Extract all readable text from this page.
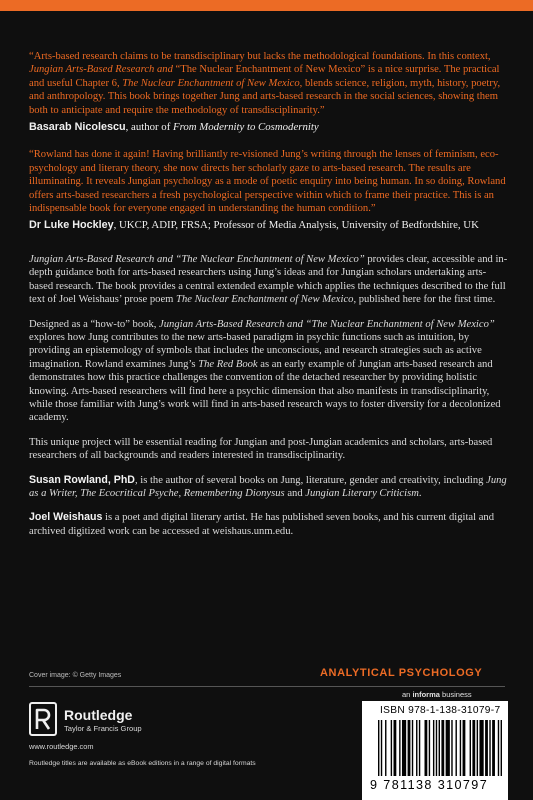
“Arts-based research claims to be transdisciplinary but lacks the methodological foundations. In this context, Jungian Arts-Based Research and “The Nuclear Enchantment of New Mexico” is a nice surprise. The practical and useful Chapter 6, The Nuclear Enchantment of New Mexico, blends science, religion, myth, history, poetry, and anthropology. This book brings together Jung and arts-based research in the social sciences, showing them both to anticipate and require the methodology of transdisciplinarity.”

Basarab Nicolescu, author of From Modernity to Cosmodernity

“Rowland has done it again! Having brilliantly re-visioned Jung’s writing through the lenses of feminism, eco-psychology and literary theory, she now directs her scholarly gaze to arts-based research. The results are illuminating. It reveals Jungian psychology as a mode of poetic enquiry into being human. In so doing, Rowland offers arts-based researchers a fresh psychological perspective within which to frame their practice. This is an indispensable book for everyone engaged in understanding the human condition.”

Dr Luke Hockley, UKCP, ADIP, FRSA; Professor of Media Analysis, University of Bedfordshire, UK

Jungian Arts-Based Research and “The Nuclear Enchantment of New Mexico” provides clear, accessible and in-depth guidance both for arts-based researchers using Jung’s ideas and for Jungian scholars undertaking arts-based research. The book provides a central extended example which applies the techniques described to the full text of Joel Weishaus’ prose poem The Nuclear Enchantment of New Mexico, published here for the first time.

Designed as a “how-to” book, Jungian Arts-Based Research and “The Nuclear Enchantment of New Mexico” explores how Jung contributes to the new arts-based paradigm in psychic functions such as intuition, by providing an epistemology of symbols that includes the unconscious, and research strategies such as active imagination. Rowland examines Jung’s The Red Book as an early example of Jungian arts-based research and demonstrates how this practice challenges the convention of the detached researcher by providing holistic knowing. Arts-based researchers will find here a psychic dimension that also manifests in transdisciplinarity, while those familiar with Jung’s work will find in arts-based research ways to foster diversity for a decolonized academy.

This unique project will be essential reading for Jungian and post-Jungian academics and scholars, arts-based researchers of all backgrounds and readers interested in transdisciplinarity.

Susan Rowland, PhD, is the author of several books on Jung, literature, gender and creativity, including Jung as a Writer, The Ecocritical Psyche, Remembering Dionysus and Jungian Literary Criticism.

Joel Weishaus is a poet and digital literary artist. He has published seven books, and his current digital and archived digitized work can be accessed at weishaus.unm.edu.

Cover image: © Getty Images	ANALYTICAL PSYCHOLOGY
an informa business
Routledge
Taylor & Francis Group
www.routledge.com
Routledge titles are available as eBook editions in a range of digital formats
ISBN 978-1-138-31079-7
9 781138 310797
